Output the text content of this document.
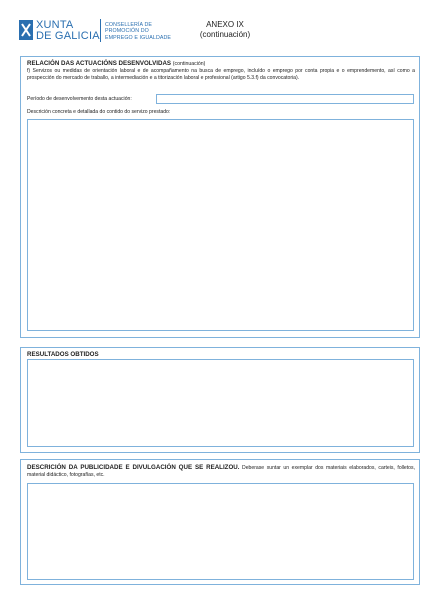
XUNTA
DE GALICIA
CONSELLERÍA DE
PROMOCIÓN DO
EMPREGO E IGUALDADE
ANEXO IX
(continuación)
RELACIÓN DAS ACTUACIÓNS DESENVOLVIDAS (continuación)
f) Servizos ou medidas de orientación laboral e de acompañamento na busca de emprego, incluído o emprego por conta propia e o emprendemento, así como a prospección do mercado de traballo, a intermediación e a titorización laboral e profesional (artigo 5.3.f) da convocatoria).
Período de desenvolvemento desta actuación:
Descrición concreta e detallada do contido do servizo prestado:
RESULTADOS OBTIDOS
DESCRICIÓN DA PUBLICIDADE E DIVULGACIÓN QUE SE REALIZOU. Deberase xuntar un exemplar dos materiais elaborados, carteis, folletos, material didáctico, fotografías, etc.
